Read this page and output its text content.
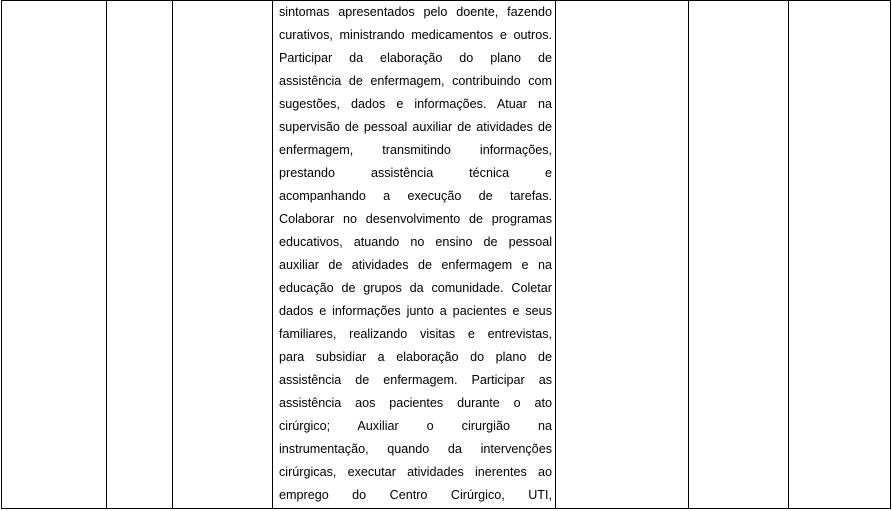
sintomas apresentados pelo doente, fazendo
curativos, ministrando medicamentos e outros.
Participar da elaboração do plano de
assistência de enfermagem, contribuindo com
sugestões, dados e informações. Atuar na
supervisão de pessoal auxiliar de atividades de
enfermagem, transmitindo informações,
prestando assistência técnica e
acompanhando a execução de tarefas.
Colaborar no desenvolvimento de programas
educativos, atuando no ensino de pessoal
auxiliar de atividades de enfermagem e na
educação de grupos da comunidade. Coletar
dados e informações junto a pacientes e seus
familiares, realizando visitas e entrevistas,
para subsidiar a elaboração do plano de
assistência de enfermagem. Participar as
assistência aos pacientes durante o ato
cirúrgico; Auxiliar o cirurgião na
instrumentação, quando da intervenções
cirúrgicas, executar atividades inerentes ao
emprego do Centro Cirúrgico, UTI,
